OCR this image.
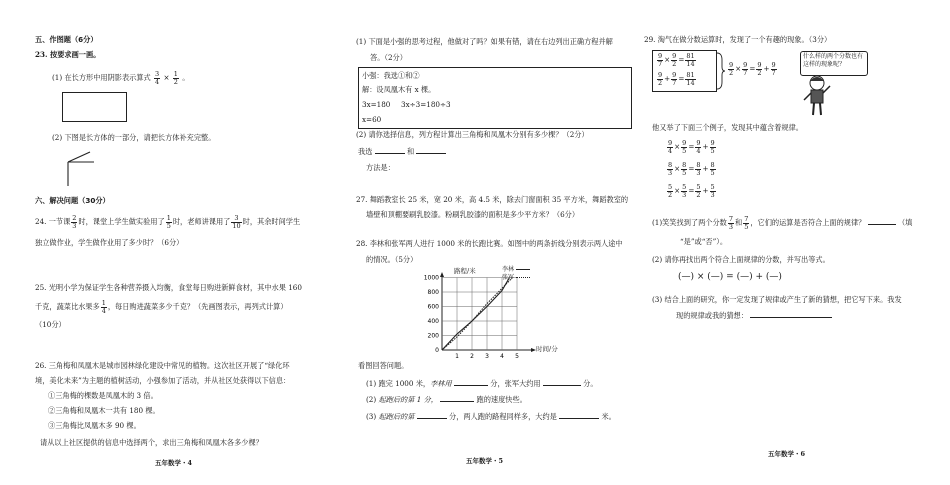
五、作图题（6分）
23. 按要求画一画。
(1) 在长方形中用阴影表示算式 $\frac{3}{4} \times \frac{1}{2}$ 。
(2) 下图是长方体的一部分，请把长方体补充完整。
六、解决问题（30分）
24. 一节课 $\frac{2}{3}$ 时，课堂上学生做实验用了 $\frac{1}{5}$ 时，老师讲课用了 $\frac{3}{10}$ 时，其余时间学生
独立做作业，学生做作业用了多少时？（6分）
25. 光明小学为保证学生各种营养摄入均衡，食堂每日购进新鲜食材，其中水果 160
千克，蔬菜比水果多 $\frac{1}{4}$ ，每日购进蔬菜多少千克？（先画图表示，再列式计算）
（10分）
26. 三角梅和凤凰木是城市园林绿化建设中常见的植物。这次社区开展了“绿化环
境，美化未来”为主题的植树活动，小强参加了活动，并从社区处获得以下信息：
①三角梅的棵数是凤凰木的 3 倍。
②三角梅和凤凰木一共有 180 棵。
③三角梅比凤凰木多 90 棵。
请从以上社区提供的信息中选择两个，求出三角梅和凤凰木各多少棵？
五年数学・4
(1) 下面是小强的思考过程，他做对了吗？如果有错，请在右边列出正确方程并解
答。（2分）
小强：我选①和②
解：设凤凰木有 x 棵。
3x=180 3x÷3=180÷3
x=60
(2) 请你选择信息，列方程计算出三角梅和凤凰木分别有多少棵？（2分）
我选	和
方法是：
27. 舞蹈教室长 25 米，宽 20 米，高 4.5 米，除去门窗面积 35 平方米，舞蹈教室的
墙壁和顶棚要刷乳胶漆。粉刷乳胶漆的面积是多少平方米？（6分）
28. 李林和张军两人进行 1000 米的长跑比赛。如图中的两条折线分别表示两人途中
的情况。（5分）
1000
800
600
400
200
0
1 2 3 4 5
路程/米
时间/分
李林
张军
看图回答问题。
(1) 跑完 1000 米，李林用	分，张军大约用	分。
(2) 起跑后的第 1 分，	跑的速度快些。
(3) 起跑后的第	分，两人跑的路程同样多，大约是	米。
五年数学・5
29. 淘气在做分数运算时，发现了一个有趣的现象。（3分）
$\frac{9}{7} \times \frac{9}{2} = \frac{81}{14}$
$\frac{9}{2} + \frac{9}{7} = \frac{81}{14}$
$\frac{9}{2} \times \frac{9}{7} = \frac{9}{2} + \frac{9}{7}$
什么样的两个分数也有这样的现象呢？
他又举了下面三个例子，发现其中蕴含着规律。
$\frac{9}{4} \times \frac{9}{5} = \frac{9}{4} + \frac{9}{5}$
$\frac{8}{3} \times \frac{8}{5} = \frac{8}{3} + \frac{8}{5}$
$\frac{5}{2} \times \frac{5}{3} = \frac{5}{2} + \frac{5}{3}$
(1)笑笑找到了两个分数 $\frac{7}{3}$ 和 $\frac{7}{5}$ ，它们的运算是否符合上面的规律？	（填
“是”或“否”）。
(2) 请你再找出两个符合上面规律的分数，并写出等式。
(—) × (—) = (—) + (—)
(3) 结合上面的研究，你一定发现了规律或产生了新的猜想，把它写下来。我发
现的规律或我的猜想：
五年数学・6
